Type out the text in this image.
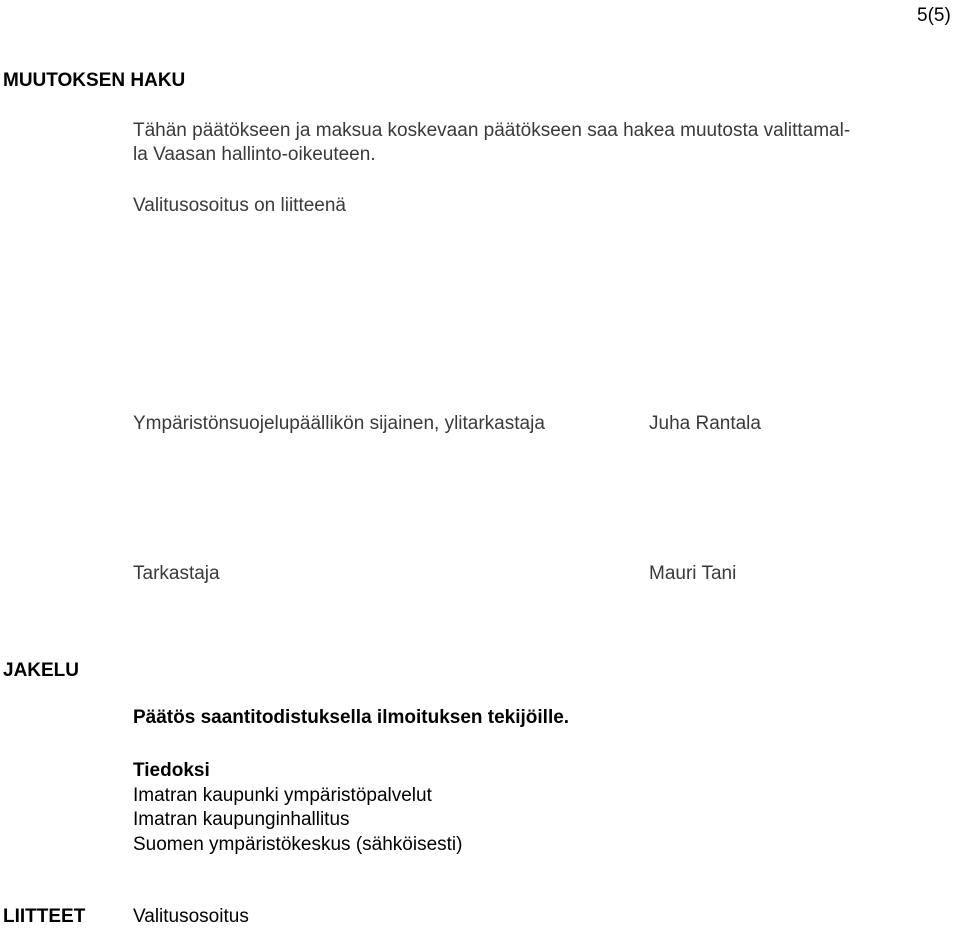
5(5)
MUUTOKSEN HAKU
Tähän päätökseen ja maksua koskevaan päätökseen saa hakea muutosta valittamal-
la Vaasan hallinto-oikeuteen.
Valitusosoitus on liitteenä
Ympäristönsuojelupäällikön sijainen, ylitarkastaja	Juha Rantala
Tarkastaja	Mauri Tani
JAKELU
Päätös saantitodistuksella ilmoituksen tekijöille.
Tiedoksi
Imatran kaupunki ympäristöpalvelut
Imatran kaupunginhallitus
Suomen ympäristökeskus (sähköisesti)
LIITTEET	Valitusosoitus
